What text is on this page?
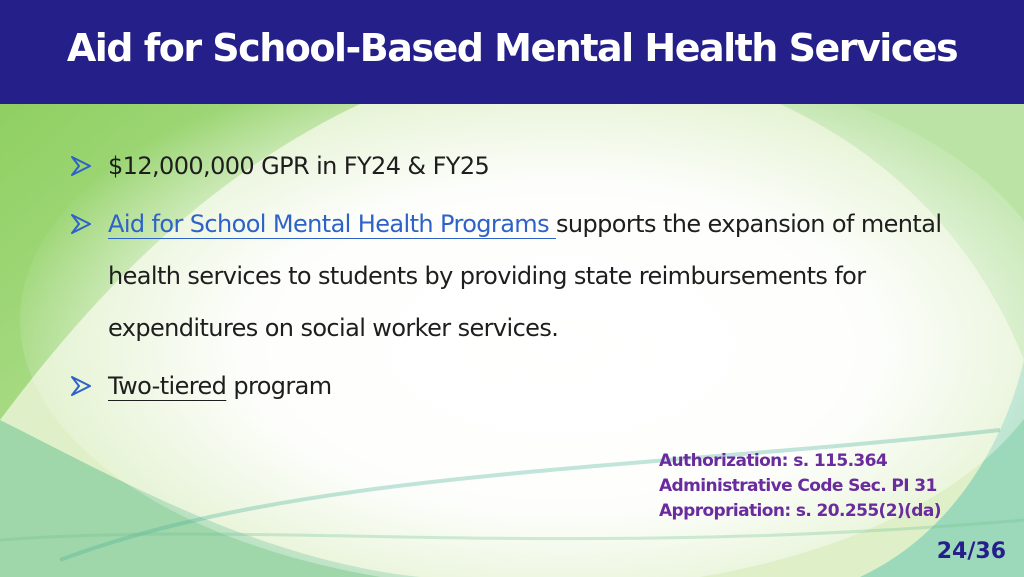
Aid for School-Based Mental Health Services
$12,000,000 GPR in FY24 & FY25
Aid for School Mental Health Programs supports the expansion of mental health services to students by providing state reimbursements for expenditures on social worker services.
Two-tiered program
Authorization: s. 115.364
Administrative Code Sec. PI 31
Appropriation: s. 20.255(2)(da)
24/36
